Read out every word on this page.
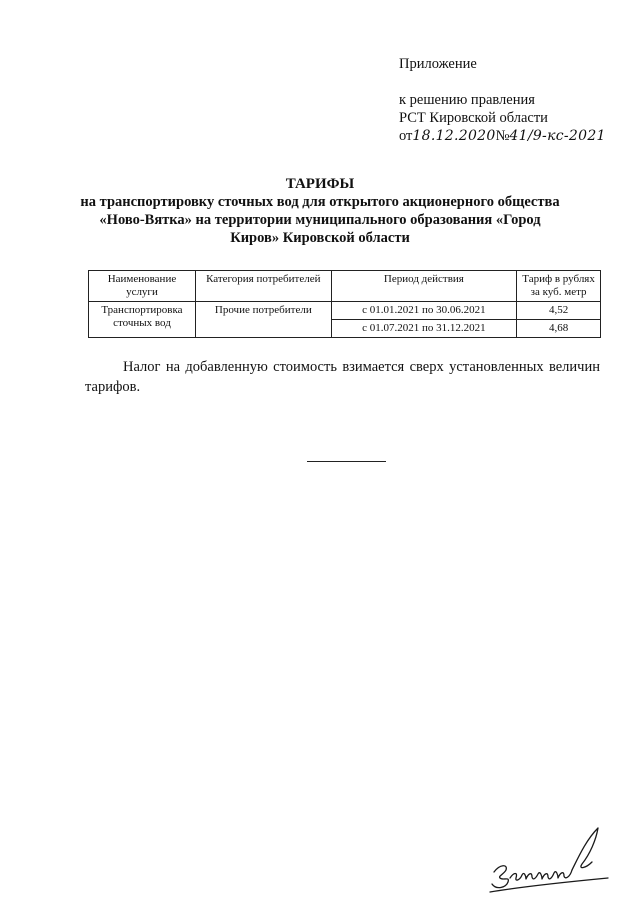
Приложение
к решению правления
РСТ Кировской области
от18.12.2020№41/9-кс-2021
ТАРИФЫ
на транспортировку сточных вод для открытого акционерного общества
«Ново-Вятка» на территории муниципального образования «Город
Киров» Кировской области
Наименование услуги	Категория потребителей	Период действия	Тариф в рублях за куб. метр
Транспортировка сточных вод	Прочие потребители	с 01.01.2021 по 30.06.2021	4,52
		с 01.07.2021 по 31.12.2021	4,68
Налог на добавленную стоимость взимается сверх установленных величин тарифов.
